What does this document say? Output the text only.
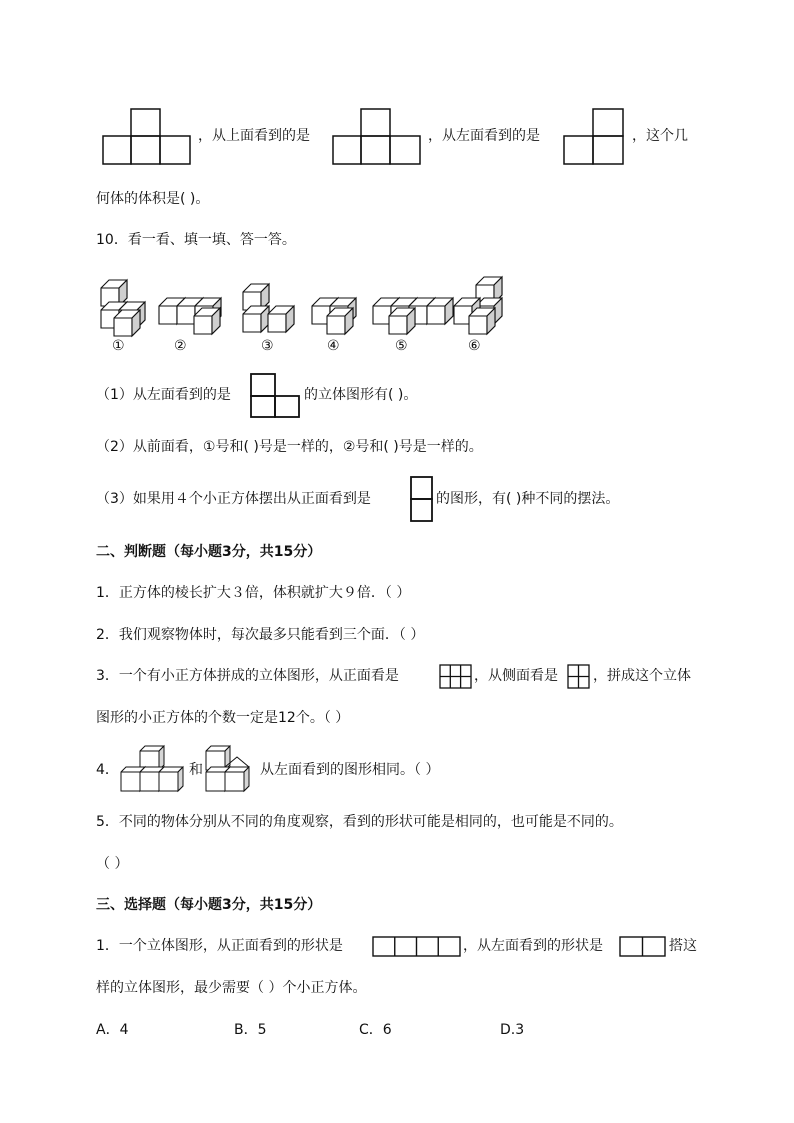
，从上面看到的是	，从左面看到的是	，这个几
何体的体积是( )。
10．看一看、填一填、答一答。
①	②	③	④	⑤	⑥
（1）从左面看到的是	的立体图形有( )。
（2）从前面看，①号和( )号是一样的，②号和( )号是一样的。
（3）如果用４个小正方体摆出从正面看到是	的图形，有( )种不同的摆法。
二、判断题（每小题3分，共15分）
1．正方体的棱长扩大３倍，体积就扩大９倍．（ ）
2．我们观察物体时，每次最多只能看到三个面．（ ）
3．一个有小正方体拼成的立体图形，从正面看是	，从侧面看是	，拼成这个立体
图形的小正方体的个数一定是12个。（ ）
4．	和	从左面看到的图形相同。（ ）
5．不同的物体分别从不同的角度观察，看到的形状可能是相同的，也可能是不同的。
（ ）
三、选择题（每小题3分，共15分）
1．一个立体图形，从正面看到的形状是	，从左面看到的形状是	搭这
样的立体图形，最少需要（ ）个小正方体。
A．4	B．5	C．6	D.3
